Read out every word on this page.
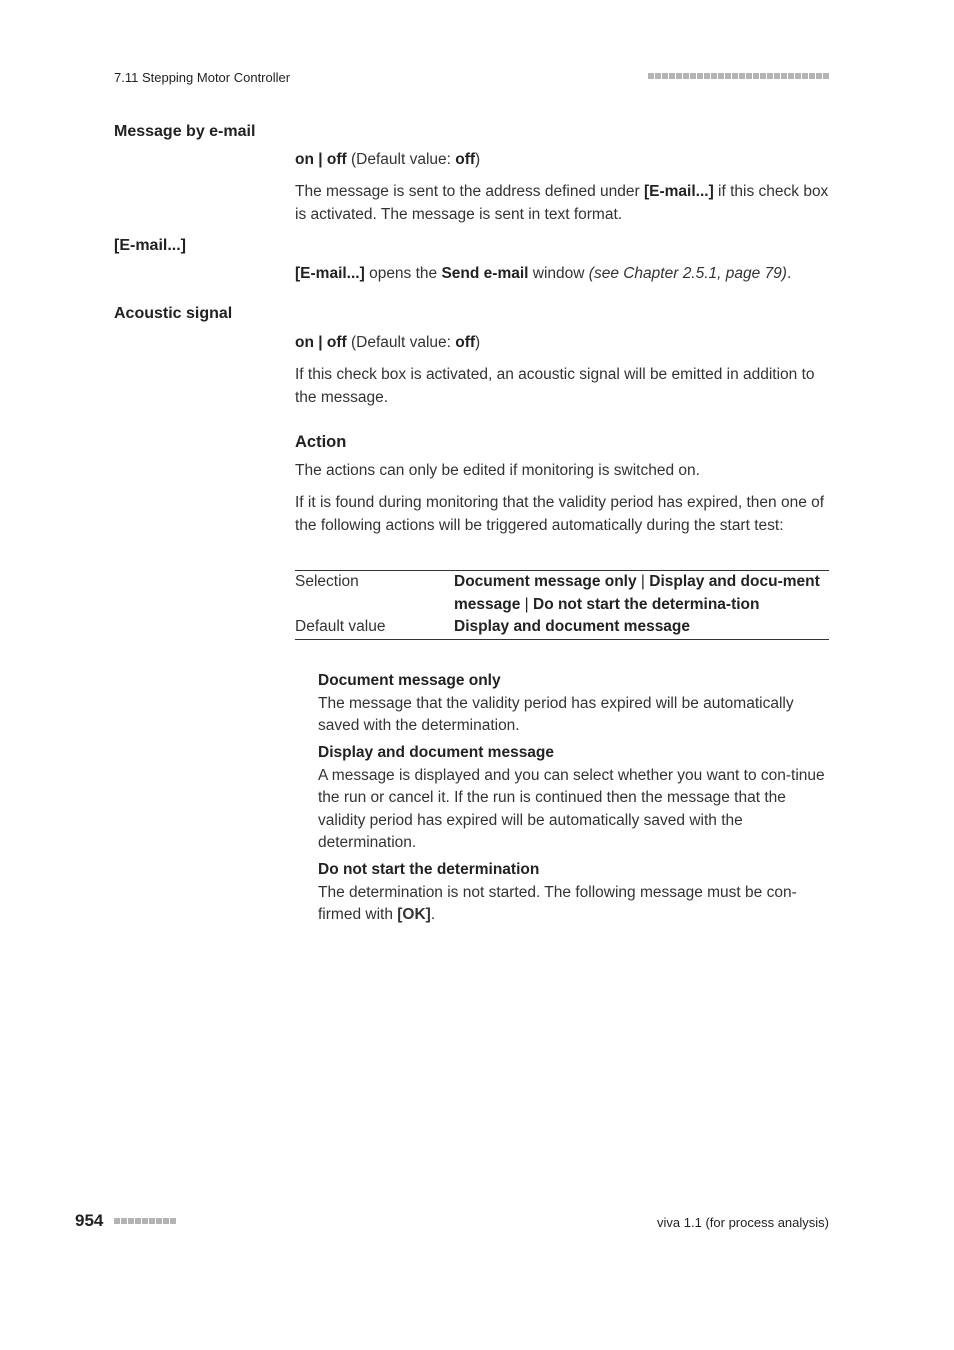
7.11 Stepping Motor Controller
Message by e-mail
on | off (Default value: off)
The message is sent to the address defined under [E-mail...] if this check box is activated. The message is sent in text format.
[E-mail...]
[E-mail...] opens the Send e-mail window (see Chapter 2.5.1, page 79).
Acoustic signal
on | off (Default value: off)
If this check box is activated, an acoustic signal will be emitted in addition to the message.
Action
The actions can only be edited if monitoring is switched on.
If it is found during monitoring that the validity period has expired, then one of the following actions will be triggered automatically during the start test:
Selection	Document message only | Display and docu-ment message | Do not start the determina-tion
Default value	Display and document message
Document message only
The message that the validity period has expired will be automatically saved with the determination.
Display and document message
A message is displayed and you can select whether you want to con-tinue the run or cancel it. If the run is continued then the message that the validity period has expired will be automatically saved with the determination.
Do not start the determination
The determination is not started. The following message must be con-firmed with [OK].
954	viva 1.1 (for process analysis)
